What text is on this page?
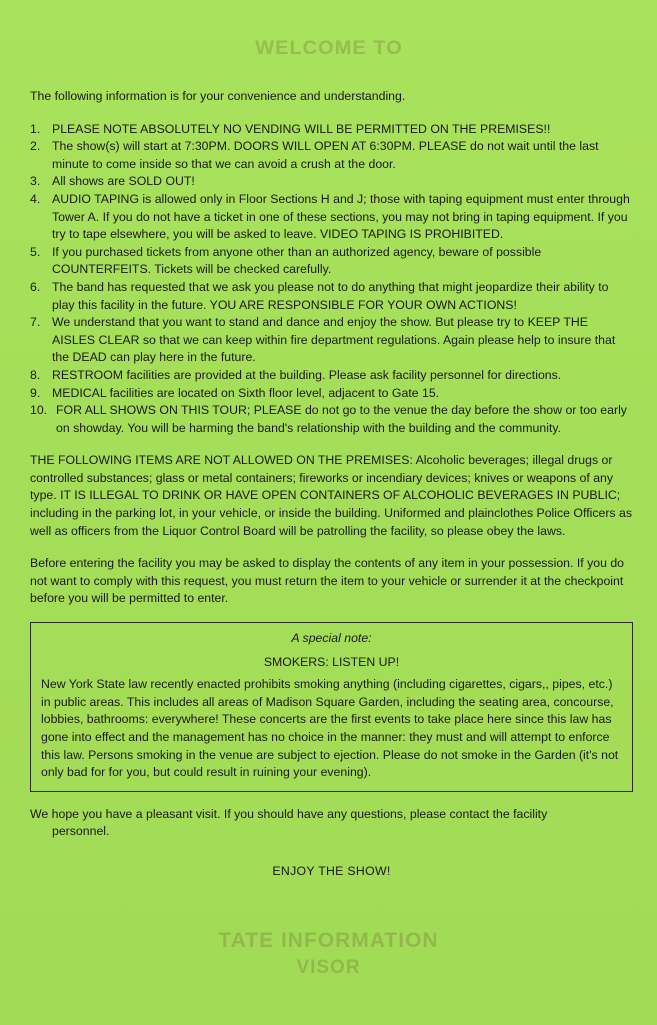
WELCOME TO

The following information is for your convenience and understanding.

1. PLEASE NOTE ABSOLUTELY NO VENDING WILL BE PERMITTED ON THE PREMISES!!
2. The show(s) will start at 7:30PM. DOORS WILL OPEN AT 6:30PM. PLEASE do not wait until the last minute to come inside so that we can avoid a crush at the door.
3. All shows are SOLD OUT!
4. AUDIO TAPING is allowed only in Floor Sections H and J; those with taping equipment must enter through Tower A. If you do not have a ticket in one of these sections, you may not bring in taping equipment. If you try to tape elsewhere, you will be asked to leave. VIDEO TAPING IS PROHIBITED.
5. If you purchased tickets from anyone other than an authorized agency, beware of possible COUNTERFEITS. Tickets will be checked carefully.
6. The band has requested that we ask you please not to do anything that might jeopardize their ability to play this facility in the future. YOU ARE RESPONSIBLE FOR YOUR OWN ACTIONS!
7. We understand that you want to stand and dance and enjoy the show. But please try to KEEP THE AISLES CLEAR so that we can keep within fire department regulations. Again please help to insure that the DEAD can play here in the future.
8. RESTROOM facilities are provided at the building. Please ask facility personnel for directions.
9. MEDICAL facilities are located on Sixth floor level, adjacent to Gate 15.
10. FOR ALL SHOWS ON THIS TOUR; PLEASE do not go to the venue the day before the show or too early on showday. You will be harming the band's relationship with the building and the community.

THE FOLLOWING ITEMS ARE NOT ALLOWED ON THE PREMISES: Alcoholic beverages; illegal drugs or controlled substances; glass or metal containers; fireworks or incendiary devices; knives or weapons of any type. IT IS ILLEGAL TO DRINK OR HAVE OPEN CONTAINERS OF ALCOHOLIC BEVERAGES IN PUBLIC; including in the parking lot, in your vehicle, or inside the building. Uniformed and plainclothes Police Officers as well as officers from the Liquor Control Board will be patrolling the facility, so please obey the laws.

Before entering the facility you may be asked to display the contents of any item in your possession. If you do not want to comply with this request, you must return the item to your vehicle or surrender it at the checkpoint before you will be permitted to enter.

A special note:

SMOKERS: LISTEN UP!

New York State law recently enacted prohibits smoking anything (including cigarettes, cigars,, pipes, etc.) in public areas. This includes all areas of Madison Square Garden, including the seating area, concourse, lobbies, bathrooms: everywhere! These concerts are the first events to take place here since this law has gone into effect and the management has no choice in the manner: they must and will attempt to enforce this law. Persons smoking in the venue are subject to ejection. Please do not smoke in the Garden (it's not only bad for for you, but could result in ruining your evening).

We hope you have a pleasant visit. If you should have any questions, please contact the facility

personnel.

ENJOY THE SHOW!

TATE INFORMATION
VISOR
